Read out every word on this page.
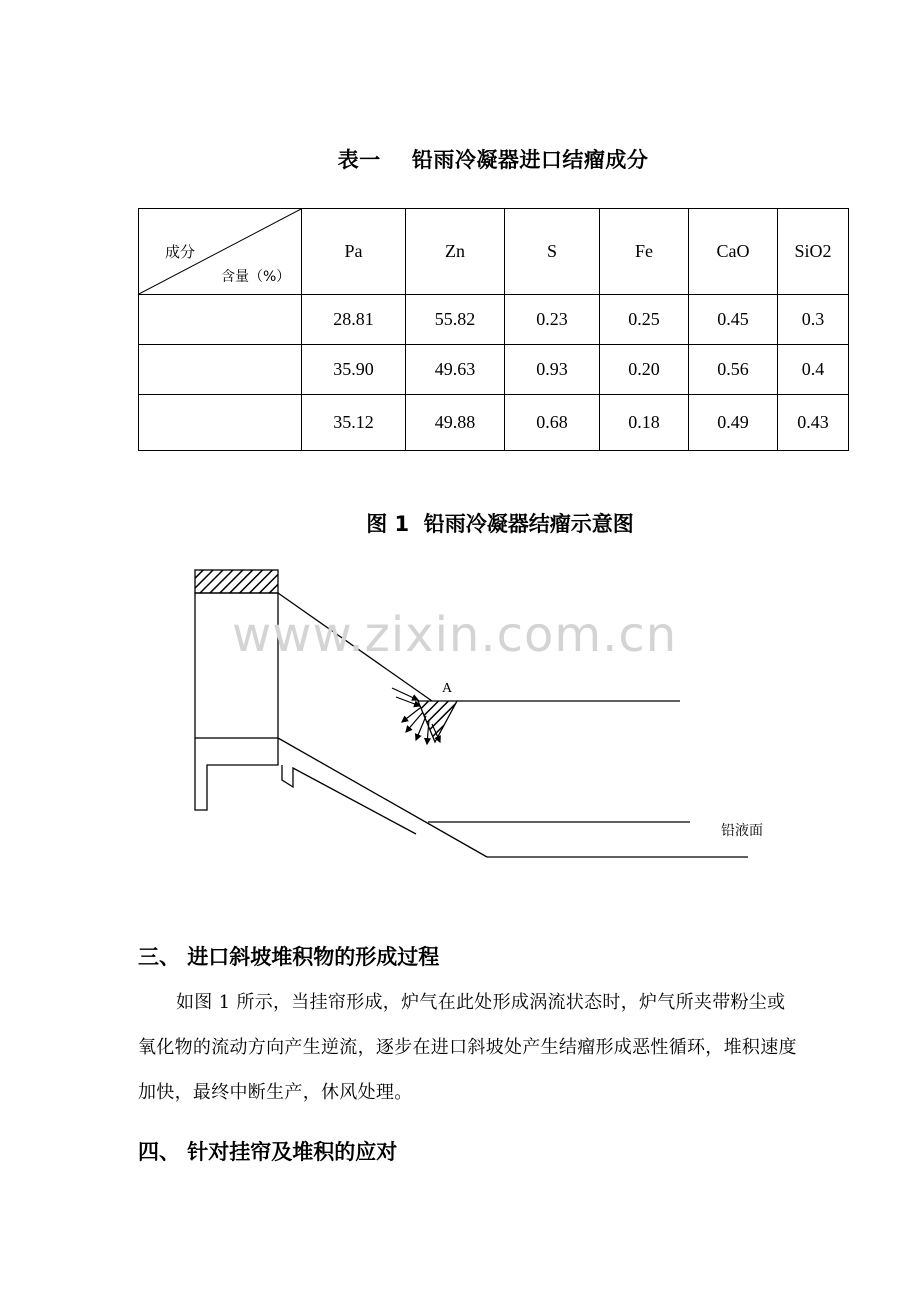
表一    铅雨冷凝器进口结瘤成分
成分
含量（%）	Pa	Zn	S	Fe	CaO	SiO2
	28.81	55.82	0.23	0.25	0.45	0.3
	35.90	49.63	0.93	0.20	0.56	0.4
	35.12	49.88	0.68	0.18	0.49	0.43
图 1  铅雨冷凝器结瘤示意图
www.zixin.com.cn
A
铅液面
三、 进口斜坡堆积物的形成过程
如图 1 所示，当挂帘形成，炉气在此处形成涡流状态时，炉气所夹带粉尘或氧化物的流动方向产生逆流，逐步在进口斜坡处产生结瘤形成恶性循环，堆积速度加快，最终中断生产，休风处理。
四、 针对挂帘及堆积的应对
